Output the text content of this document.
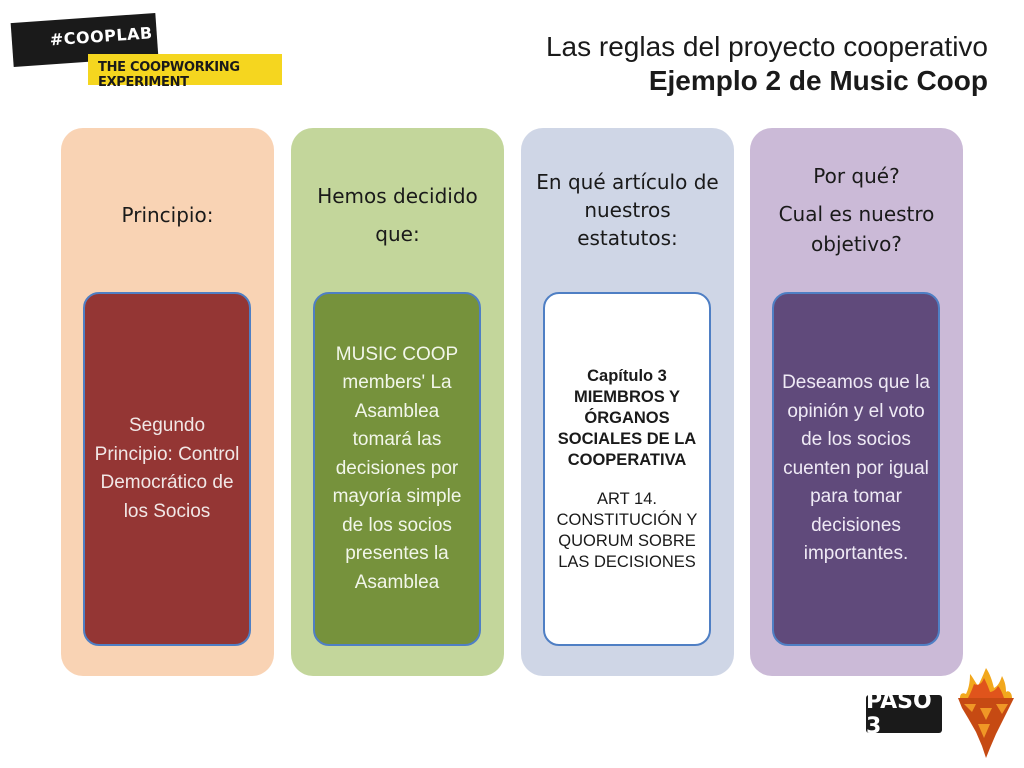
#COOPLAB
THE COOPWORKING EXPERIMENT
Las reglas del proyecto cooperativo
Ejemplo 2 de Music Coop
Principio:
Segundo Principio: Control Democrático de los Socios
Hemos decidido
que:
MUSIC COOP members' La Asamblea tomará las decisiones por mayoría simple de los socios presentes la Asamblea
En qué artículo de nuestros estatutos:
Capítulo 3 MIEMBROS Y ÓRGANOS SOCIALES DE LA COOPERATIVA
ART 14. CONSTITUCIÓN Y QUORUM SOBRE LAS DECISIONES
Por qué?
Cual es nuestro objetivo?
Deseamos que la opinión y el voto de los socios cuenten por igual para tomar decisiones importantes.
PASO 3
